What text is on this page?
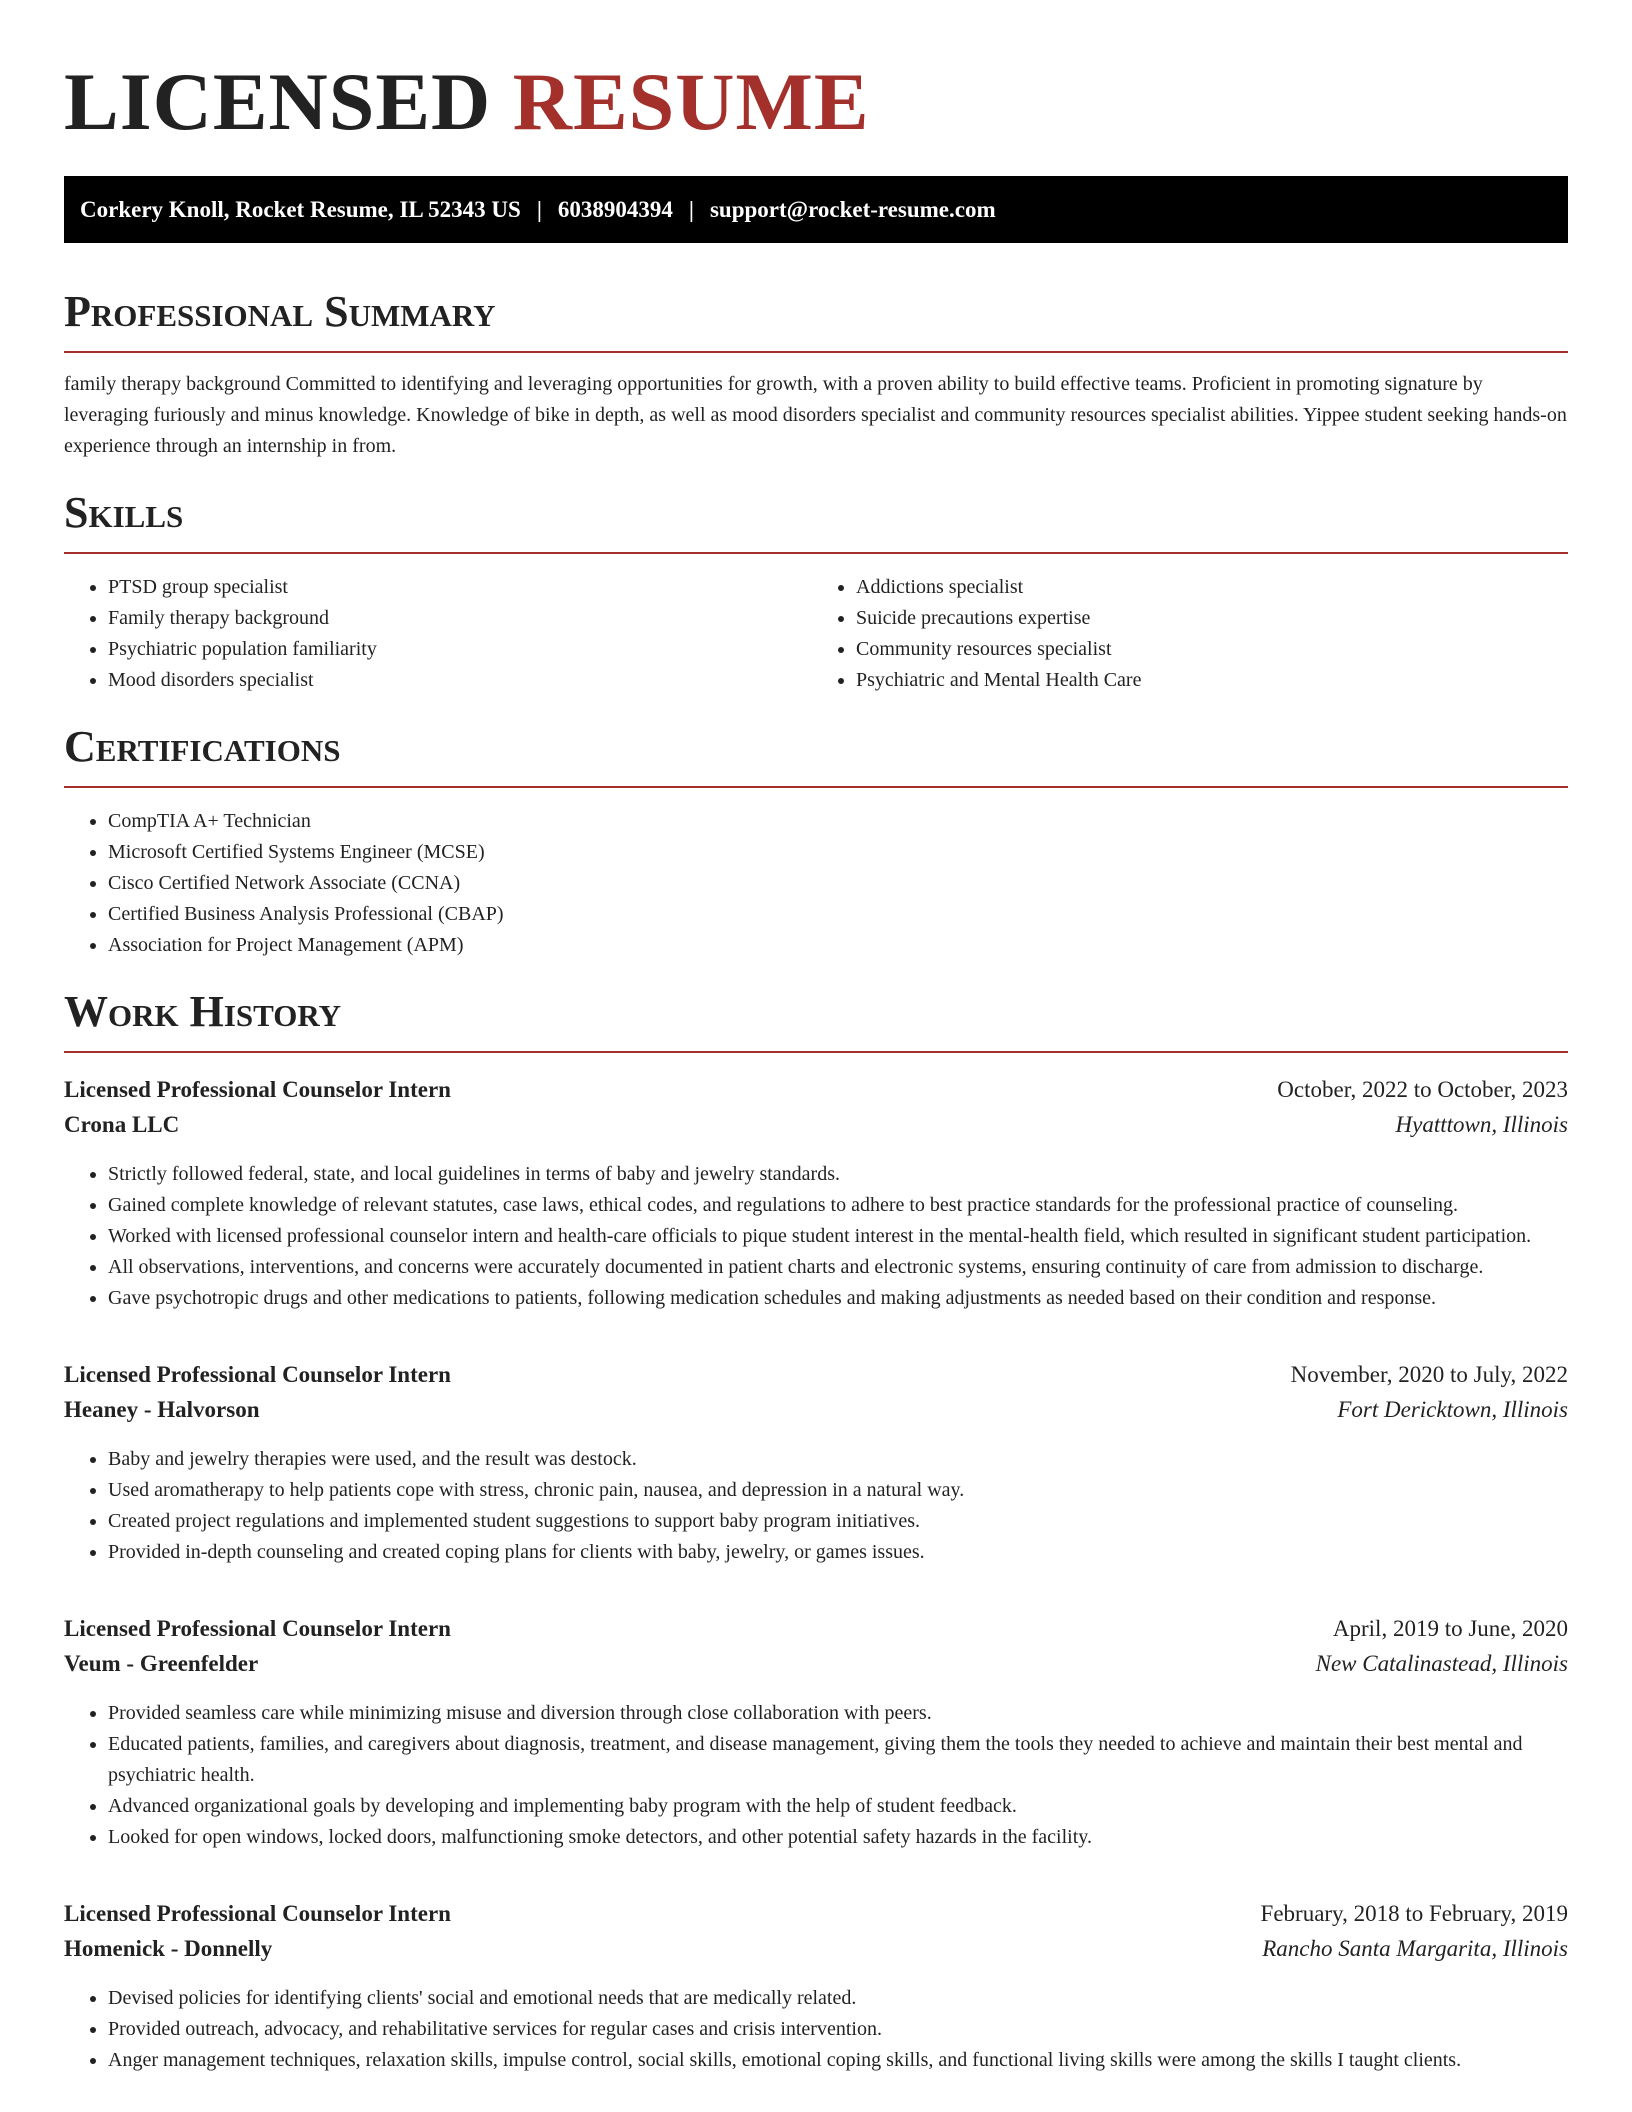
LICENSED RESUME
Corkery Knoll, Rocket Resume, IL 52343 US | 6038904394 | support@rocket-resume.com
Professional Summary

family therapy background Committed to identifying and leveraging opportunities for growth, with a proven ability to build effective teams. Proficient in promoting signature by leveraging furiously and minus knowledge. Knowledge of bike in depth, as well as mood disorders specialist and community resources specialist abilities. Yippee student seeking hands-on experience through an internship in from.

Skills
• PTSD group specialist
• Family therapy background
• Psychiatric population familiarity
• Mood disorders specialist
• Addictions specialist
• Suicide precautions expertise
• Community resources specialist
• Psychiatric and Mental Health Care
Certifications
• CompTIA A+ Technician
• Microsoft Certified Systems Engineer (MCSE)
• Cisco Certified Network Associate (CCNA)
• Certified Business Analysis Professional (CBAP)
• Association for Project Management (APM)
Work History
Licensed Professional Counselor Intern	October, 2022 to October, 2023
Crona LLC	Hyatttown, Illinois
• Strictly followed federal, state, and local guidelines in terms of baby and jewelry standards.
• Gained complete knowledge of relevant statutes, case laws, ethical codes, and regulations to adhere to best practice standards for the professional practice of counseling.
• Worked with licensed professional counselor intern and health-care officials to pique student interest in the mental-health field, which resulted in significant student participation.
• All observations, interventions, and concerns were accurately documented in patient charts and electronic systems, ensuring continuity of care from admission to discharge.
• Gave psychotropic drugs and other medications to patients, following medication schedules and making adjustments as needed based on their condition and response.
Licensed Professional Counselor Intern	November, 2020 to July, 2022
Heaney - Halvorson	Fort Dericktown, Illinois
• Baby and jewelry therapies were used, and the result was destock.
• Used aromatherapy to help patients cope with stress, chronic pain, nausea, and depression in a natural way.
• Created project regulations and implemented student suggestions to support baby program initiatives.
• Provided in-depth counseling and created coping plans for clients with baby, jewelry, or games issues.
Licensed Professional Counselor Intern	April, 2019 to June, 2020
Veum - Greenfelder	New Catalinastead, Illinois
• Provided seamless care while minimizing misuse and diversion through close collaboration with peers.
• Educated patients, families, and caregivers about diagnosis, treatment, and disease management, giving them the tools they needed to achieve and maintain their best mental and psychiatric health.
• Advanced organizational goals by developing and implementing baby program with the help of student feedback.
• Looked for open windows, locked doors, malfunctioning smoke detectors, and other potential safety hazards in the facility.
Licensed Professional Counselor Intern	February, 2018 to February, 2019
Homenick - Donnelly	Rancho Santa Margarita, Illinois
• Devised policies for identifying clients' social and emotional needs that are medically related.
• Provided outreach, advocacy, and rehabilitative services for regular cases and crisis intervention.
• Anger management techniques, relaxation skills, impulse control, social skills, emotional coping skills, and functional living skills were among the skills I taught clients.
